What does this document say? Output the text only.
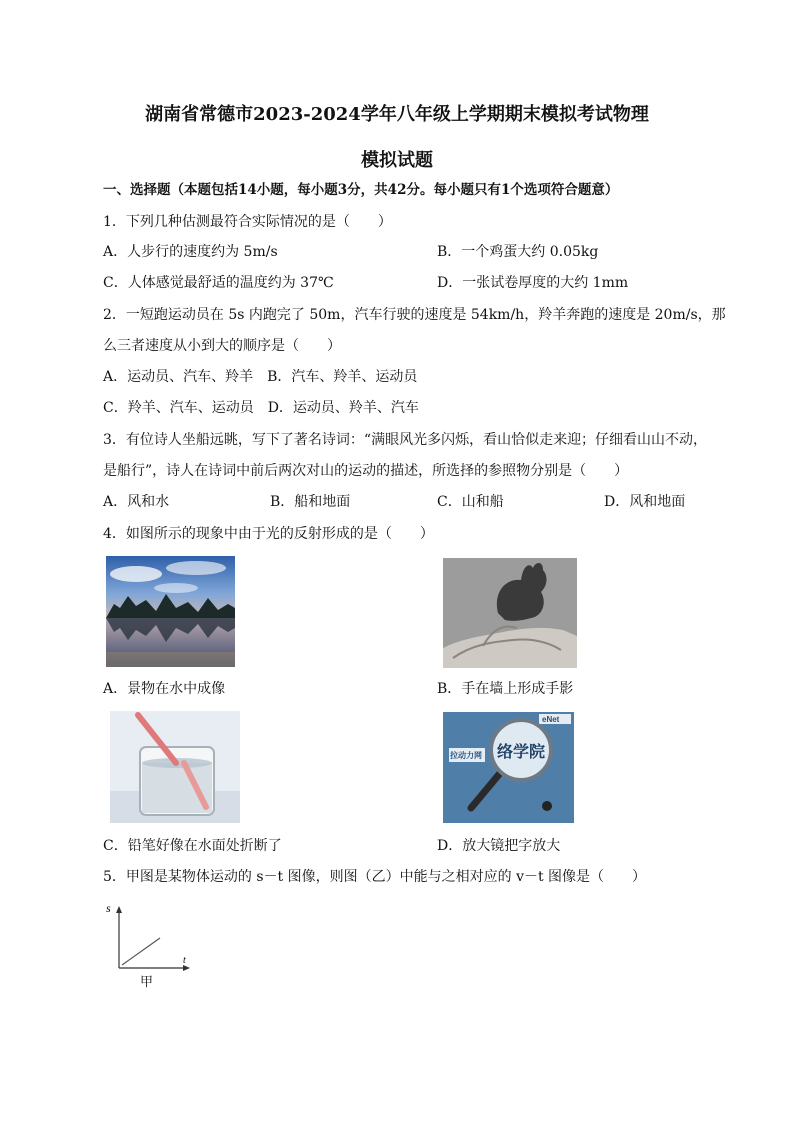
湖南省常德市2023-2024学年八年级上学期期末模拟考试物理
模拟试题
一、选择题（本题包括14小题，每小题3分，共42分。每小题只有1个选项符合题意）
1．下列几种估测最符合实际情况的是（　　）
A．人步行的速度约为 5m/s	B．一个鸡蛋大约 0.05kg
C．人体感觉最舒适的温度约为 37℃	D．一张试卷厚度的大约 1mm
2．一短跑运动员在 5s 内跑完了 50m，汽车行驶的速度是 54km/h，羚羊奔跑的速度是 20m/s，那
么三者速度从小到大的顺序是（　　）
A．运动员、汽车、羚羊　B．汽车、羚羊、运动员
C．羚羊、汽车、运动员　D．运动员、羚羊、汽车
3．有位诗人坐船远眺，写下了著名诗词：“满眼风光多闪烁，看山恰似走来迎；仔细看山山不动，
是船行”，诗人在诗词中前后两次对山的运动的描述，所选择的参照物分别是（　　）
A．风和水	B．船和地面	C．山和船	D．风和地面
4．如图所示的现象中由于光的反射形成的是（　　）
A．景物在水中成像	B．手在墙上形成手影
eNet
拉动力网 络学院
C．铅笔好像在水面处折断了	D．放大镜把字放大
5．甲图是某物体运动的 s－t 图像，则图（乙）中能与之相对应的 v－t 图像是（　　）
s
t
甲
